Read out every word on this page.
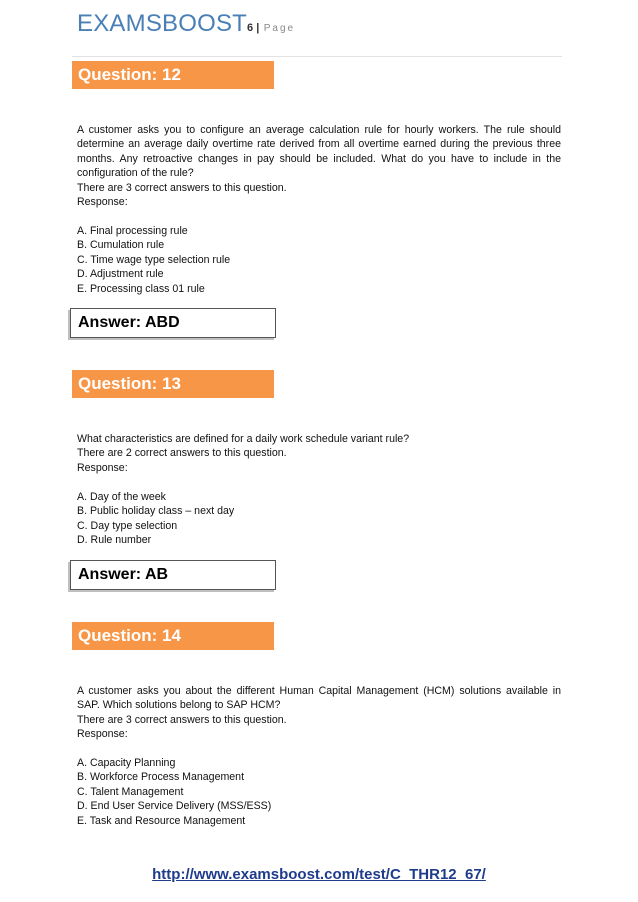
EXAMSBOOST6 | Page
Question: 12

A customer asks you to configure an average calculation rule for hourly workers. The rule should determine an average daily overtime rate derived from all overtime earned during the previous three months. Any retroactive changes in pay should be included. What do you have to include in the configuration of the rule?

There are 3 correct answers to this question.

Response:

A. Final processing rule
B. Cumulation rule
C. Time wage type selection rule
D. Adjustment rule
E. Processing class 01 rule
Answer: ABD
Question: 13

What characteristics are defined for a daily work schedule variant rule?

There are 2 correct answers to this question.

Response:

A. Day of the week
B. Public holiday class – next day
C. Day type selection
D. Rule number
Answer: AB
Question: 14

A customer asks you about the different Human Capital Management (HCM) solutions available in SAP. Which solutions belong to SAP HCM?

There are 3 correct answers to this question.

Response:

A. Capacity Planning
B. Workforce Process Management
C. Talent Management
D. End User Service Delivery (MSS/ESS)
E. Task and Resource Management
http://www.examsboost.com/test/C_THR12_67/
